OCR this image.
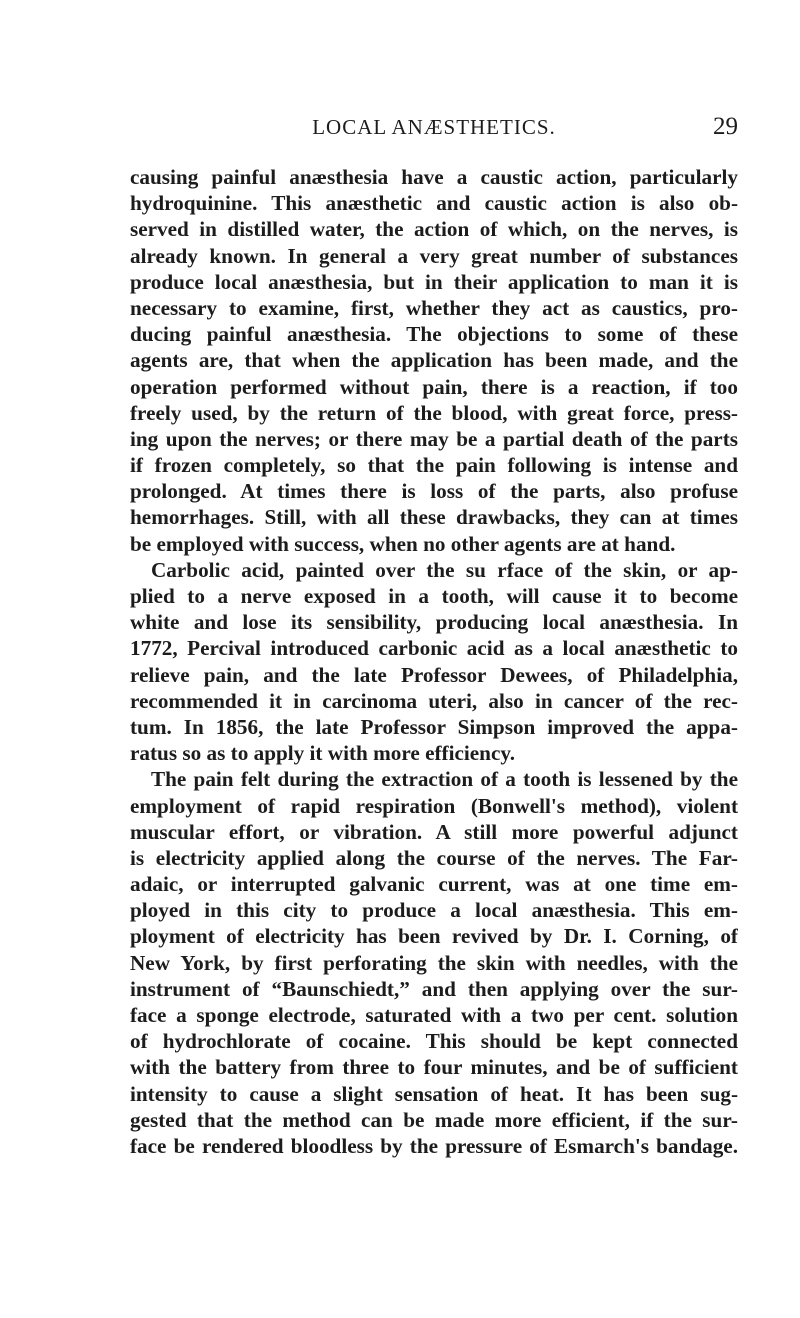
LOCAL ANÆSTHETICS.	29
causing painful anæsthesia have a caustic action, particularly
hydroquinine. This anæsthetic and caustic action is also ob-
served in distilled water, the action of which, on the nerves, is
already known. In general a very great number of substances
produce local anæsthesia, but in their application to man it is
necessary to examine, first, whether they act as caustics, pro-
ducing painful anæsthesia. The objections to some of these
agents are, that when the application has been made, and the
operation performed without pain, there is a reaction, if too
freely used, by the return of the blood, with great force, press-
ing upon the nerves; or there may be a partial death of the parts
if frozen completely, so that the pain following is intense and
prolonged. At times there is loss of the parts, also profuse
hemorrhages. Still, with all these drawbacks, they can at times
be employed with success, when no other agents are at hand.
Carbolic acid, painted over the su rface of the skin, or ap-
plied to a nerve exposed in a tooth, will cause it to become
white and lose its sensibility, producing local anæsthesia. In
1772, Percival introduced carbonic acid as a local anæsthetic to
relieve pain, and the late Professor Dewees, of Philadelphia,
recommended it in carcinoma uteri, also in cancer of the rec-
tum. In 1856, the late Professor Simpson improved the appa-
ratus so as to apply it with more efficiency.
The pain felt during the extraction of a tooth is lessened by the
employment of rapid respiration (Bonwell's method), violent
muscular effort, or vibration. A still more powerful adjunct
is electricity applied along the course of the nerves. The Far-
adaic, or interrupted galvanic current, was at one time em-
ployed in this city to produce a local anæsthesia. This em-
ployment of electricity has been revived by Dr. I. Corning, of
New York, by first perforating the skin with needles, with the
instrument of “Baunschiedt,” and then applying over the sur-
face a sponge electrode, saturated with a two per cent. solution
of hydrochlorate of cocaine. This should be kept connected
with the battery from three to four minutes, and be of sufficient
intensity to cause a slight sensation of heat. It has been sug-
gested that the method can be made more efficient, if the sur-
face be rendered bloodless by the pressure of Esmarch's bandage.
